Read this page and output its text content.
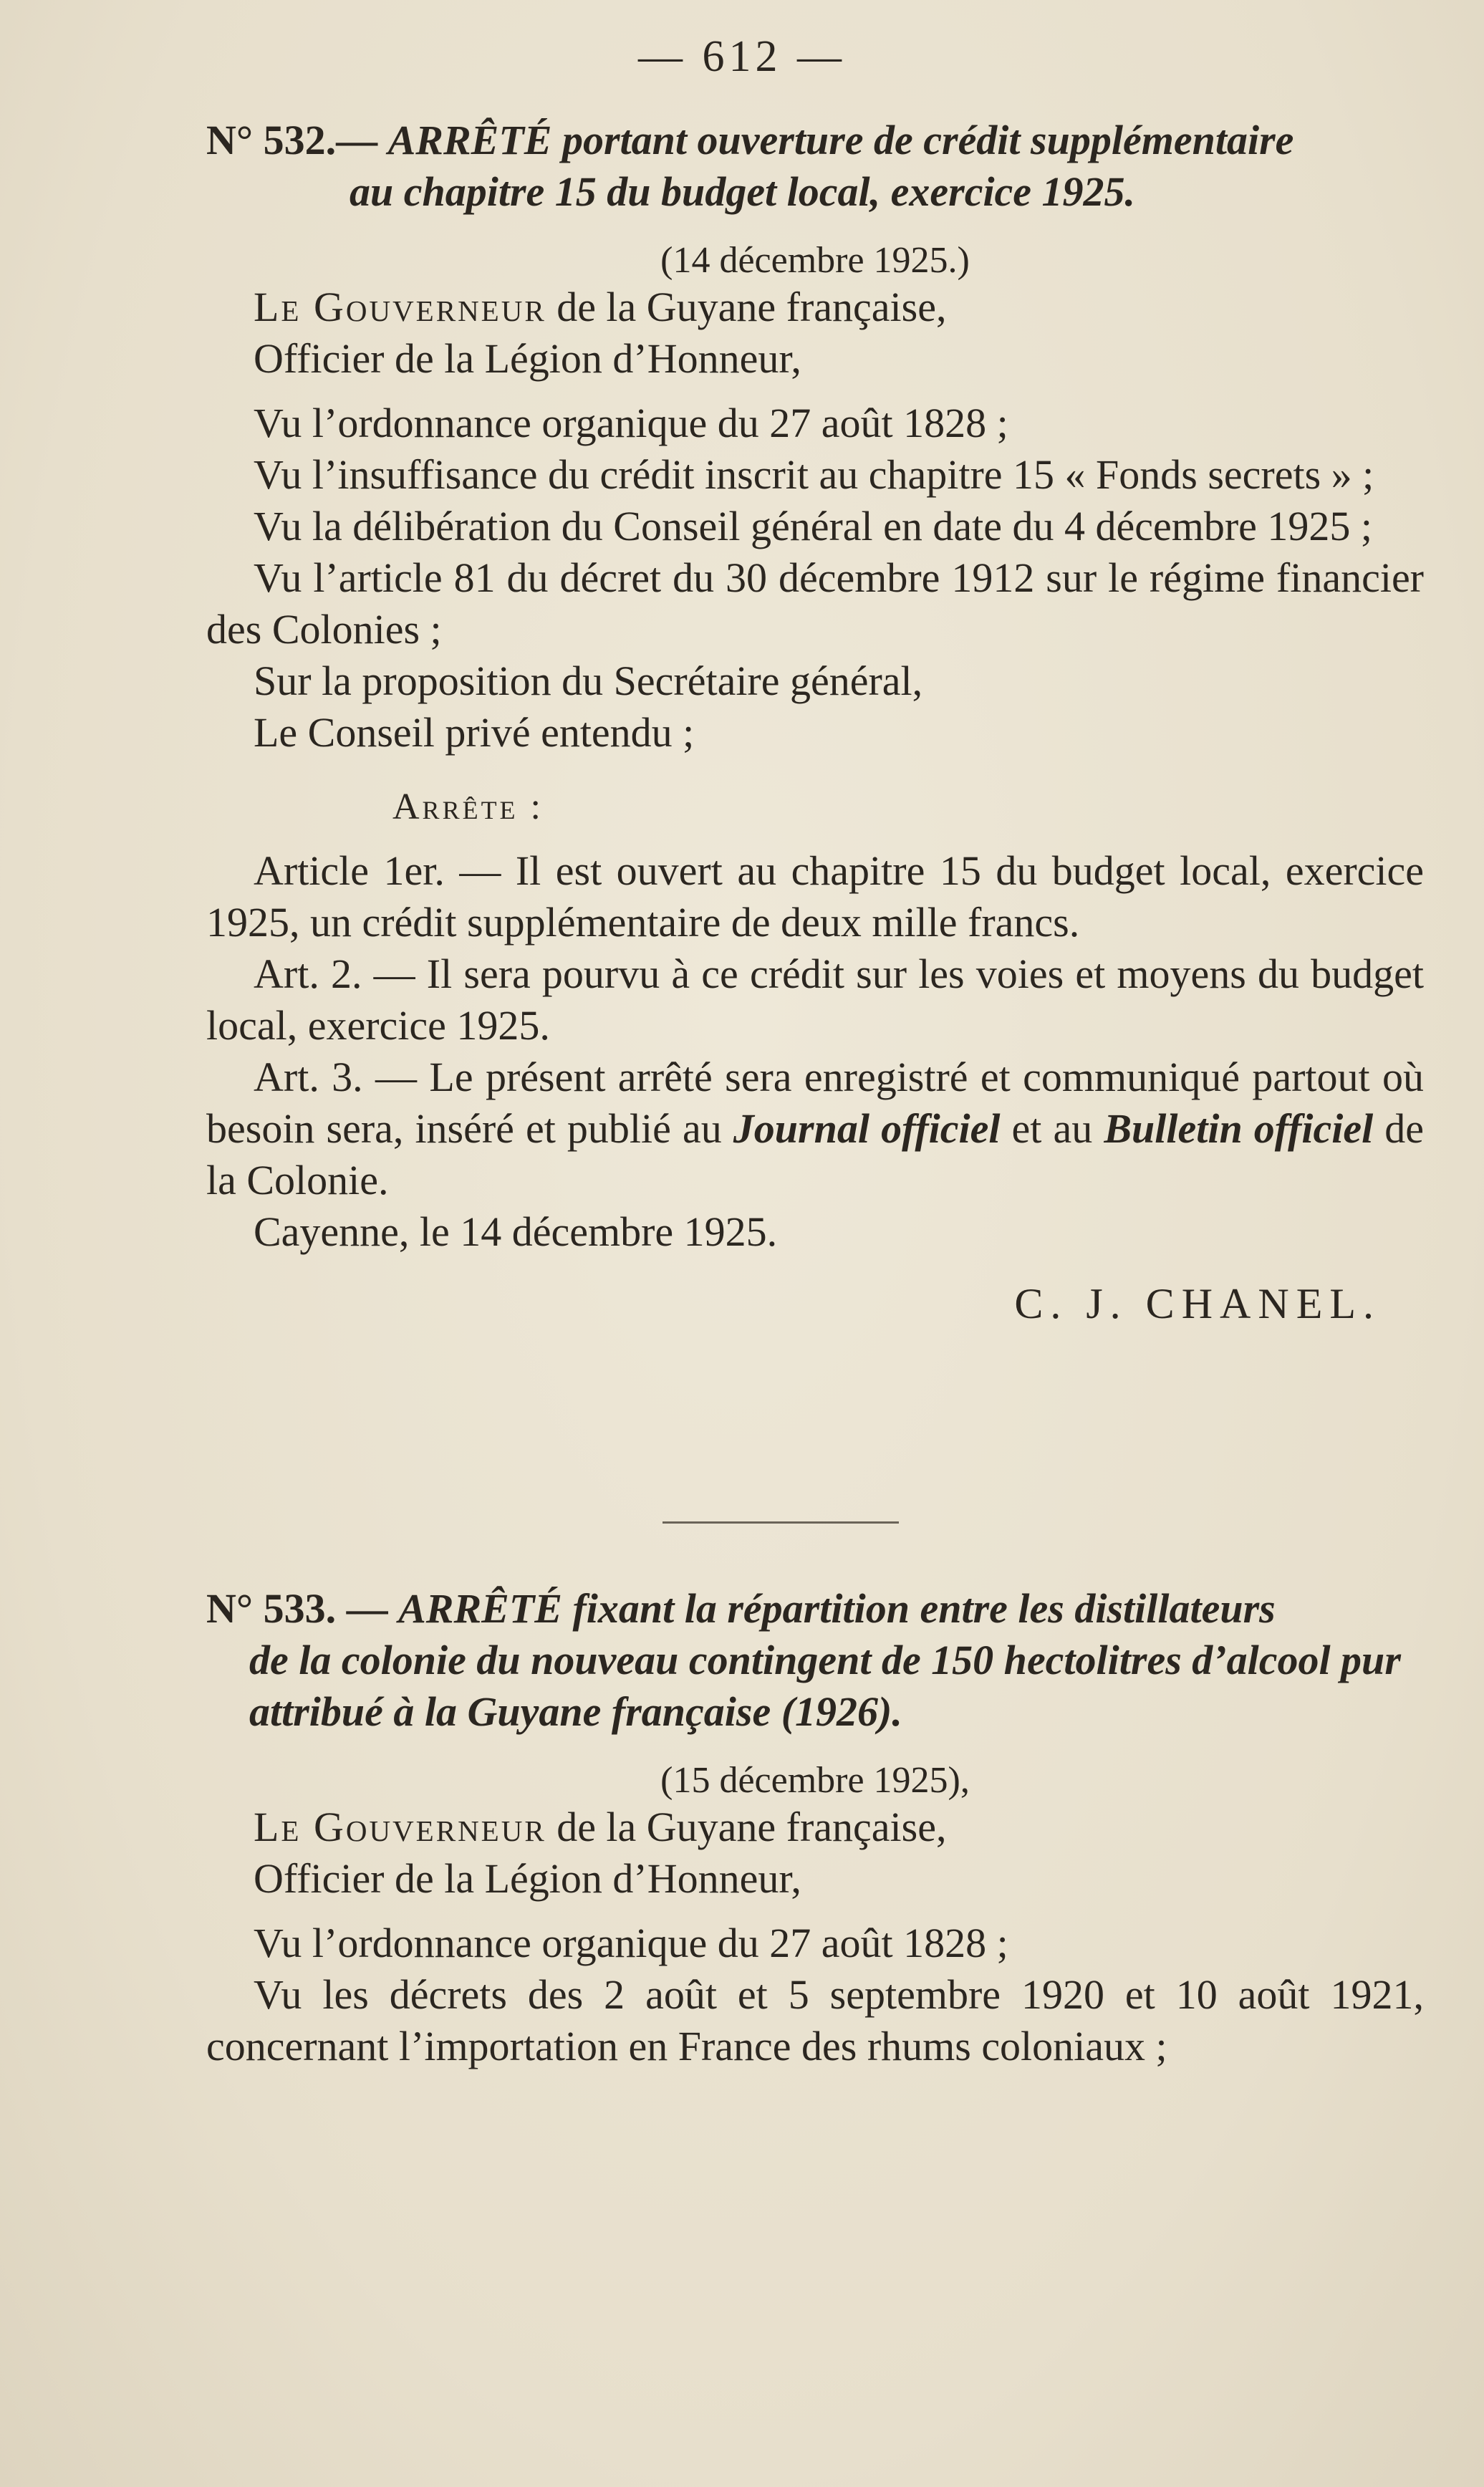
— 612 —
N° 532.— ARRÊTÉ portant ouverture de crédit supplémentaire
au chapitre 15 du budget local, exercice 1925.
(14 décembre 1925.)

Le Gouverneur de la Guyane française,

Officier de la Légion d’Honneur,

Vu l’ordonnance organique du 27 août 1828 ;

Vu l’insuffisance du crédit inscrit au chapitre 15 « Fonds secrets » ;

Vu la délibération du Conseil général en date du 4 décembre 1925 ;

Vu l’article 81 du décret du 30 décembre 1912 sur le régime financier des Colonies ;

Sur la proposition du Secrétaire général,

Le Conseil privé entendu ;

Arrête :

Article 1er. — Il est ouvert au chapitre 15 du budget local, exercice 1925, un crédit supplémentaire de deux mille francs.

Art. 2. — Il sera pourvu à ce crédit sur les voies et moyens du budget local, exercice 1925.

Art. 3. — Le présent arrêté sera enregistré et communiqué partout où besoin sera, inséré et publié au Journal officiel et au Bulletin officiel de la Colonie.

Cayenne, le 14 décembre 1925.

C. J. CHANEL.
N° 533. — ARRÊTÉ fixant la répartition entre les distillateurs
de la colonie du nouveau contingent de 150 hectolitres d’alcool pur attribué à la Guyane française (1926).
(15 décembre 1925),

Le Gouverneur de la Guyane française,

Officier de la Légion d’Honneur,

Vu l’ordonnance organique du 27 août 1828 ;

Vu les décrets des 2 août et 5 septembre 1920 et 10 août 1921, concernant l’importation en France des rhums coloniaux ;
